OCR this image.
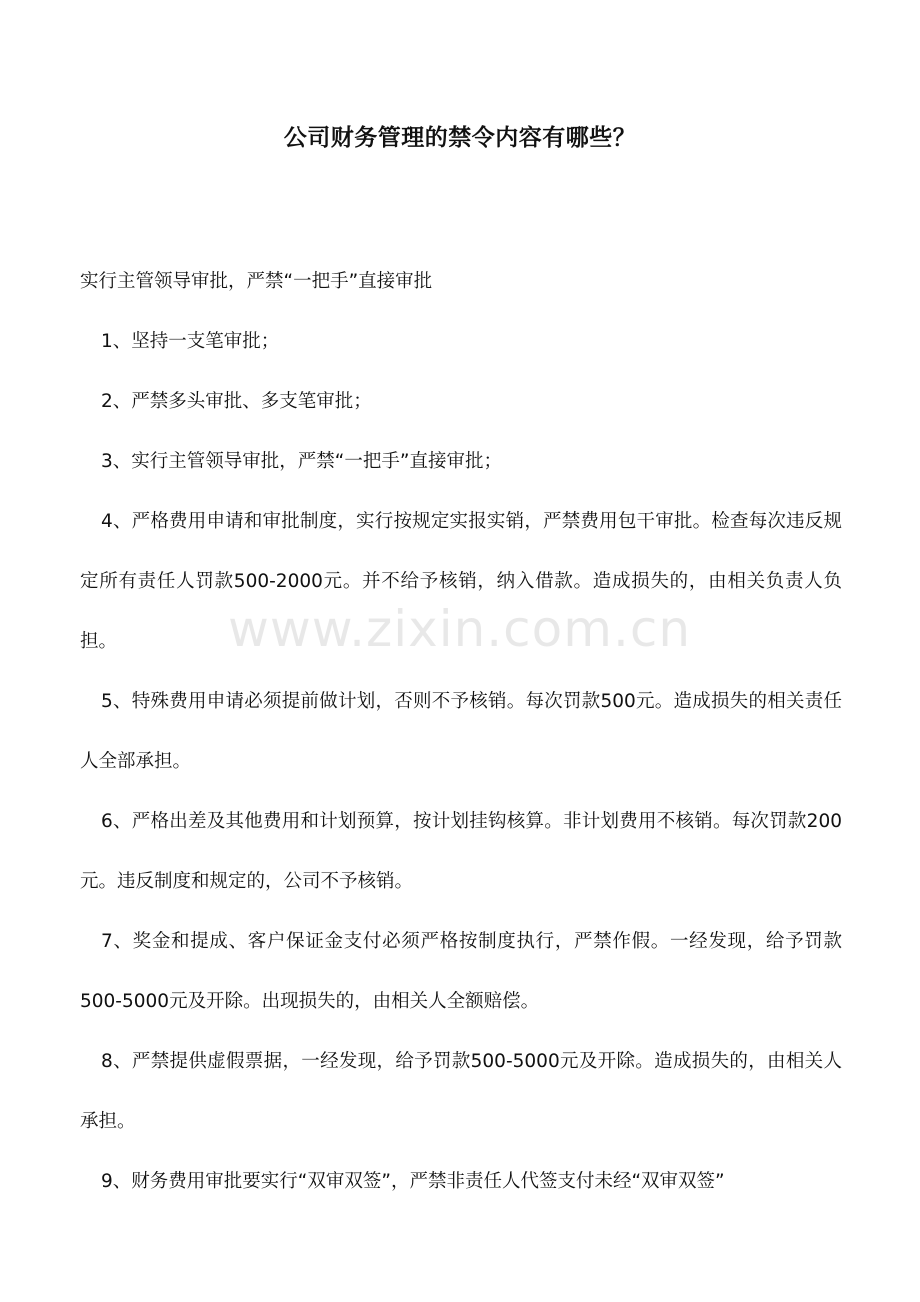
公司财务管理的禁令内容有哪些？
www.zixin.com.cn

实行主管领导审批，严禁“一把手”直接审批

1、坚持一支笔审批；

2、严禁多头审批、多支笔审批；

3、实行主管领导审批，严禁“一把手”直接审批；

4、严格费用申请和审批制度，实行按规定实报实销，严禁费用包干审批。检查每次违反规定所有责任人罚款500-2000元。并不给予核销，纳入借款。造成损失的，由相关负责人负担。

5、特殊费用申请必须提前做计划，否则不予核销。每次罚款500元。造成损失的相关责任人全部承担。

6、严格出差及其他费用和计划预算，按计划挂钩核算。非计划费用不核销。每次罚款200元。违反制度和规定的，公司不予核销。

7、奖金和提成、客户保证金支付必须严格按制度执行，严禁作假。一经发现，给予罚款500-5000元及开除。出现损失的，由相关人全额赔偿。

8、严禁提供虚假票据，一经发现，给予罚款500-5000元及开除。造成损失的，由相关人承担。

9、财务费用审批要实行“双审双签”，严禁非责任人代签支付未经“双审双签”
